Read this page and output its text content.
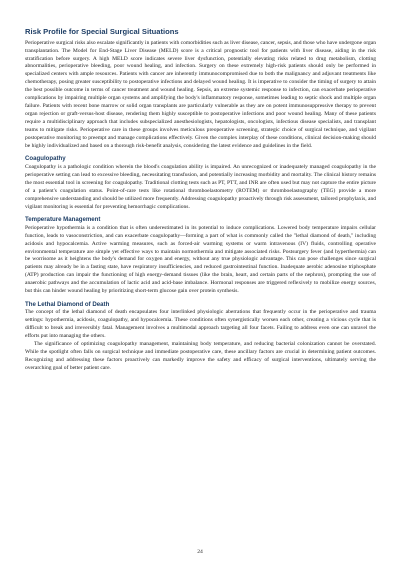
Risk Profile for Special Surgical Situations

Perioperative surgical risks also escalate significantly in patients with comorbidities such as liver disease, cancer, sepsis, and those who have undergone organ transplantation. The Model for End-Stage Liver Disease (MELD) score is a critical prognostic tool for patients with liver disease, aiding in the risk stratification before surgery. A high MELD score indicates severe liver dysfunction, potentially elevating risks related to drug metabolism, clotting abnormalities, perioperative bleeding, poor wound healing, and infection. Surgery on these extremely high-risk patients should only be performed in specialized centers with ample resources. Patients with cancer are inherently immunocompromised due to both the malignancy and adjuvant treatments like chemotherapy, posing greater susceptibility to postoperative infections and delayed wound healing. It is imperative to consider the timing of surgery to attain the best possible outcome in terms of cancer treatment and wound healing. Sepsis, an extreme systemic response to infection, can exacerbate perioperative complications by impairing multiple organ systems and amplifying the body's inflammatory response, sometimes leading to septic shock and multiple organ failure. Patients with recent bone marrow or solid organ transplants are particularly vulnerable as they are on potent immunosuppressive therapy to prevent organ rejection or graft-versus-host disease, rendering them highly susceptible to postoperative infections and poor wound healing. Many of these patients require a multidisciplinary approach that includes subspecialized anesthesiologists, hepatologists, oncologists, infectious disease specialists, and transplant teams to mitigate risks. Perioperative care in these groups involves meticulous preoperative screening, strategic choice of surgical technique, and vigilant postoperative monitoring to preempt and manage complications effectively. Given the complex interplay of these conditions, clinical decision-making should be highly individualized and based on a thorough risk-benefit analysis, considering the latest evidence and guidelines in the field.

Coagulopathy

Coagulopathy is a pathologic condition wherein the blood's coagulation ability is impaired. An unrecognized or inadequately managed coagulopathy in the perioperative setting can lead to excessive bleeding, necessitating transfusion, and potentially increasing morbidity and mortality. The clinical history remains the most essential tool in screening for coagulopathy. Traditional clotting tests such as PT, PTT, and INR are often used but may not capture the entire picture of a patient's coagulation status. Point-of-care tests like rotational thromboelastometry (ROTEM) or thromboelastography (TEG) provide a more comprehensive understanding and should be utilized more frequently. Addressing coagulopathy proactively through risk assessment, tailored prophylaxis, and vigilant monitoring is essential for preventing hemorrhagic complications.

Temperature Management

Perioperative hypothermia is a condition that is often underestimated in its potential to induce complications. Lowered body temperature impairs cellular function, leads to vasoconstriction, and can exacerbate coagulopathy—forming a part of what is commonly called the "lethal diamond of death," including acidosis and hypocalcemia. Active warming measures, such as forced-air warming systems or warm intravenous (IV) fluids, controlling operative environmental temperature are simple yet effective ways to maintain normothermia and mitigate associated risks. Postsurgery fever (and hyperthermia) can be worrisome as it heightens the body's demand for oxygen and energy, without any true physiologic advantage. This can pose challenges since surgical patients may already be in a fasting state, have respiratory insufficiencies, and reduced gastrointestinal function. Inadequate aerobic adenosine triphosphate (ATP) production can impair the functioning of high energy-demand tissues (like the brain, heart, and certain parts of the nephron), prompting the use of anaerobic pathways and the accumulation of lactic acid and acid-base imbalance. Hormonal responses are triggered reflexively to mobilize energy sources, but this can hinder wound healing by prioritizing short-term glucose gain over protein synthesis.

The Lethal Diamond of Death

The concept of the lethal diamond of death encapsulates four interlinked physiologic aberrations that frequently occur in the perioperative and trauma settings: hypothermia, acidosis, coagulopathy, and hypocalcemia. These conditions often synergistically worsen each other, creating a vicious cycle that is difficult to break and irreversibly fatal. Management involves a multimodal approach targeting all four facets. Failing to address even one can unravel the efforts put into managing the others.

The significance of optimizing coagulopathy management, maintaining body temperature, and reducing bacterial colonization cannot be overstated. While the spotlight often falls on surgical technique and immediate postoperative care, these ancillary factors are crucial in determining patient outcomes. Recognizing and addressing these factors proactively can markedly improve the safety and efficacy of surgical interventions, ultimately serving the overarching goal of better patient care.

24
